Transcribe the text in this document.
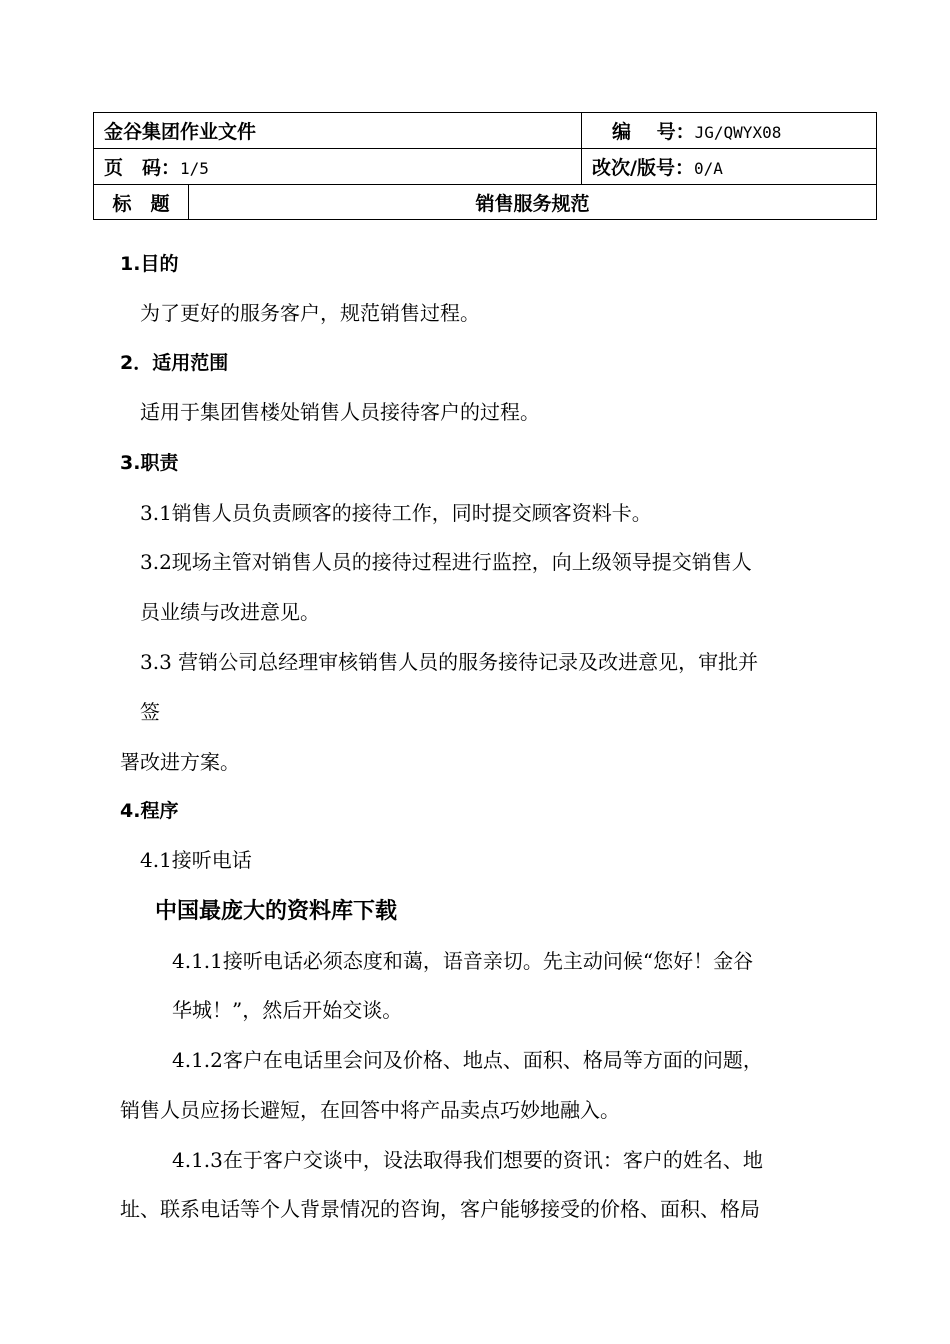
金谷集团作业文件		编　 号：JG/QWYX08
页　码：1/5		改次/版号：0/A
标　题	销售服务规范	
1.目的
为了更好的服务客户，规范销售过程。
2．适用范围
适用于集团售楼处销售人员接待客户的过程。
3.职责
3.1销售人员负责顾客的接待工作，同时提交顾客资料卡。
3.2现场主管对销售人员的接待过程进行监控，向上级领导提交销售人
员业绩与改进意见。
3.3 营销公司总经理审核销售人员的服务接待记录及改进意见，审批并
签
署改进方案。
4.程序
4.1接听电话
中国最庞大的资料库下载
4.1.1接听电话必须态度和蔼，语音亲切。先主动问候“您好！金谷
华城！”，然后开始交谈。
4.1.2客户在电话里会问及价格、地点、面积、格局等方面的问题，
销售人员应扬长避短，在回答中将产品卖点巧妙地融入。
4.1.3在于客户交谈中，设法取得我们想要的资讯：客户的姓名、地
址、联系电话等个人背景情况的咨询，客户能够接受的价格、面积、格局
